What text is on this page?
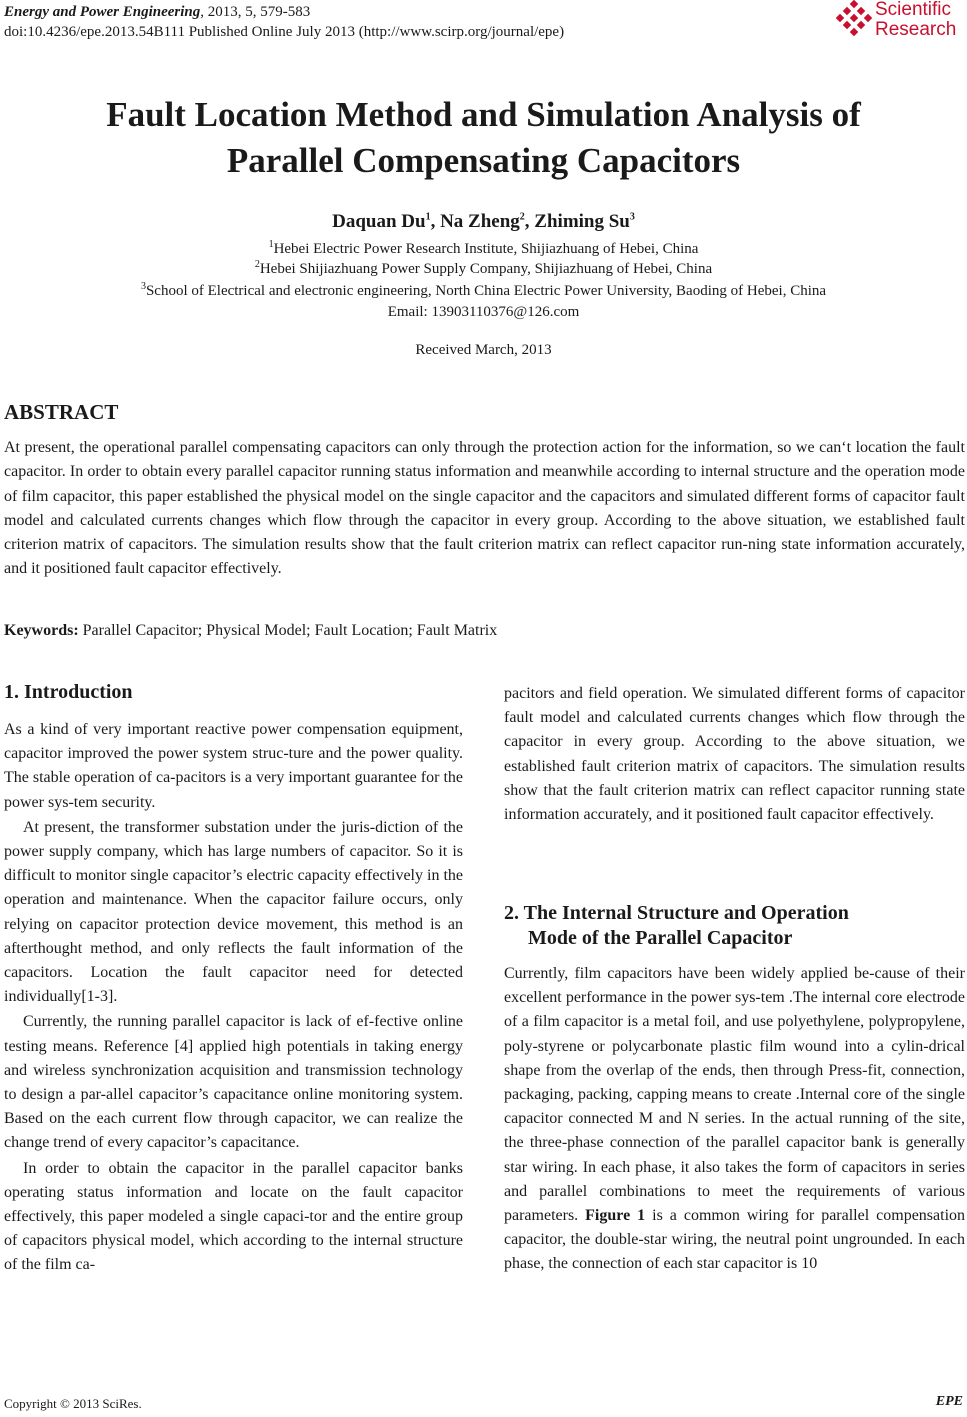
Energy and Power Engineering, 2013, 5, 579-583
doi:10.4236/epe.2013.54B111 Published Online July 2013 (http://www.scirp.org/journal/epe)
Scientific
Research
Fault Location Method and Simulation Analysis of
Parallel Compensating Capacitors
Daquan Du$^1$, Na Zheng$^2$, Zhiming Su$^3$
$^1$Hebei Electric Power Research Institute, Shijiazhuang of Hebei, China
$^2$Hebei Shijiazhuang Power Supply Company, Shijiazhuang of Hebei, China
$^3$School of Electrical and electronic engineering, North China Electric Power University, Baoding of Hebei, China
Email: 13903110376@126.com
Received March, 2013
ABSTRACT
At present, the operational parallel compensating capacitors can only through the protection action for the information, so we can‘t location the fault capacitor. In order to obtain every parallel capacitor running status information and meanwhile according to internal structure and the operation mode of film capacitor, this paper established the physical model on the single capacitor and the capacitors and simulated different forms of capacitor fault model and calculated currents changes which flow through the capacitor in every group. According to the above situation, we established fault criterion matrix of capacitors. The simulation results show that the fault criterion matrix can reflect capacitor run-ning state information accurately, and it positioned fault capacitor effectively.
Keywords: Parallel Capacitor; Physical Model; Fault Location; Fault Matrix
1. Introduction

As a kind of very important reactive power compensation equipment, capacitor improved the power system struc-ture and the power quality. The stable operation of ca-pacitors is a very important guarantee for the power sys-tem security.

At present, the transformer substation under the juris-diction of the power supply company, which has large numbers of capacitor. So it is difficult to monitor single capacitor’s electric capacity effectively in the operation and maintenance. When the capacitor failure occurs, only relying on capacitor protection device movement, this method is an afterthought method, and only reflects the fault information of the capacitors. Location the fault capacitor need for detected individually[1-3].

Currently, the running parallel capacitor is lack of ef-fective online testing means. Reference [4] applied high potentials in taking energy and wireless synchronization acquisition and transmission technology to design a par-allel capacitor’s capacitance online monitoring system. Based on the each current flow through capacitor, we can realize the change trend of every capacitor’s capacitance.

In order to obtain the capacitor in the parallel capacitor banks operating status information and locate on the fault capacitor effectively, this paper modeled a single capaci-tor and the entire group of capacitors physical model, which according to the internal structure of the film ca-

pacitors and field operation. We simulated different forms of capacitor fault model and calculated currents changes which flow through the capacitor in every group. According to the above situation, we established fault criterion matrix of capacitors. The simulation results show that the fault criterion matrix can reflect capacitor running state information accurately, and it positioned fault capacitor effectively.
2. The Internal Structure and Operation
Mode of the Parallel Capacitor
Currently, film capacitors have been widely applied be-cause of their excellent performance in the power sys-tem .The internal core electrode of a film capacitor is a metal foil, and use polyethylene, polypropylene, poly-styrene or polycarbonate plastic film wound into a cylin-drical shape from the overlap of the ends, then through Press-fit, connection, packaging, packing, capping means to create .Internal core of the single capacitor connected M and N series. In the actual running of the site, the three-phase connection of the parallel capacitor bank is generally star wiring. In each phase, it also takes the form of capacitors in series and parallel combinations to meet the requirements of various parameters. Figure 1 is a common wiring for parallel compensation capacitor, the double-star wiring, the neutral point ungrounded. In each phase, the connection of each star capacitor is 10
Copyright © 2013 SciRes.	EPE
